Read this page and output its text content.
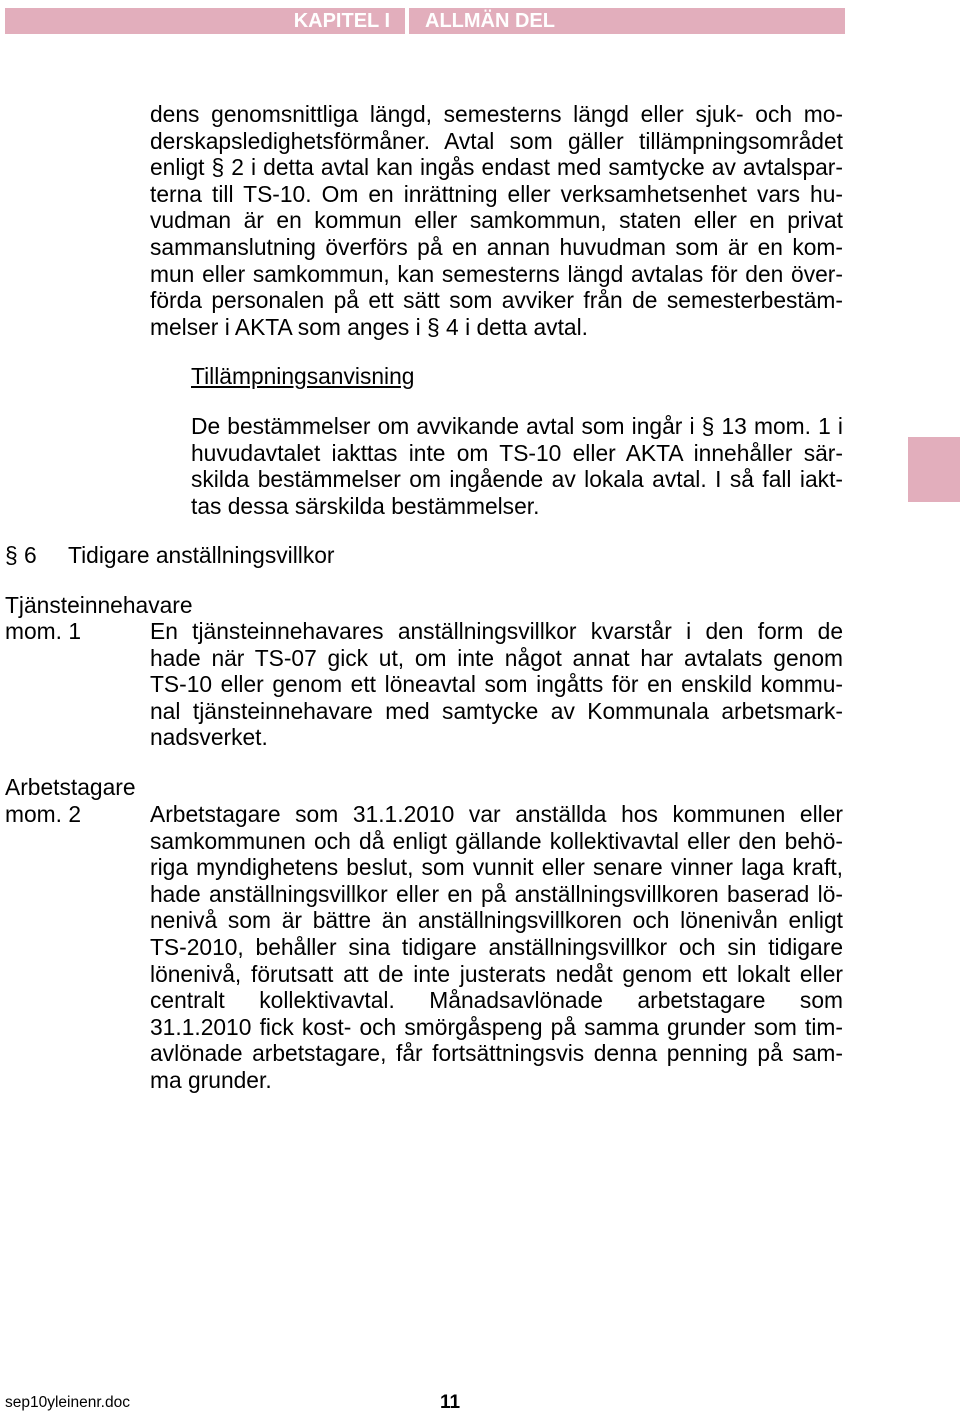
KAPITEL I	ALLMÄN DEL
dens genomsnittliga längd, semesterns längd eller sjuk- och mo-
derskapsledighetsförmåner. Avtal som gäller tillämpningsområdet
enligt § 2 i detta avtal kan ingås endast med samtycke av avtalspar-
terna till TS-10. Om en inrättning eller verksamhetsenhet vars hu-
vudman är en kommun eller samkommun, staten eller en privat
sammanslutning överförs på en annan huvudman som är en kom-
mun eller samkommun, kan semesterns längd avtalas för den över-
förda personalen på ett sätt som avviker från de semesterbestäm-
melser i AKTA som anges i § 4 i detta avtal.
Tillämpningsanvisning
De bestämmelser om avvikande avtal som ingår i § 13 mom. 1 i
huvudavtalet iakttas inte om TS-10 eller AKTA innehåller sär-
skilda bestämmelser om ingående av lokala avtal. I så fall iakt-
tas dessa särskilda bestämmelser.
§ 6 Tidigare anställningsvillkor
Tjänsteinnehavare
mom. 1	En tjänsteinnehavares anställningsvillkor kvarstår i den form de
hade när TS-07 gick ut, om inte något annat har avtalats genom
TS-10 eller genom ett löneavtal som ingåtts för en enskild kommu-
nal tjänsteinnehavare med samtycke av Kommunala arbetsmark-
nadsverket.
Arbetstagare
mom. 2	Arbetstagare som 31.1.2010 var anställda hos kommunen eller
samkommunen och då enligt gällande kollektivavtal eller den behö-
riga myndighetens beslut, som vunnit eller senare vinner laga kraft,
hade anställningsvillkor eller en på anställningsvillkoren baserad lö-
nenivå som är bättre än anställningsvillkoren och lönenivån enligt
TS-2010, behåller sina tidigare anställningsvillkor och sin tidigare
lönenivå, förutsatt att de inte justerats nedåt genom ett lokalt eller
centralt kollektivavtal. Månadsavlönade arbetstagare som
31.1.2010 fick kost- och smörgåspeng på samma grunder som tim-
avlönade arbetstagare, får fortsättningsvis denna penning på sam-
ma grunder.
sep10yleinenr.doc	11
